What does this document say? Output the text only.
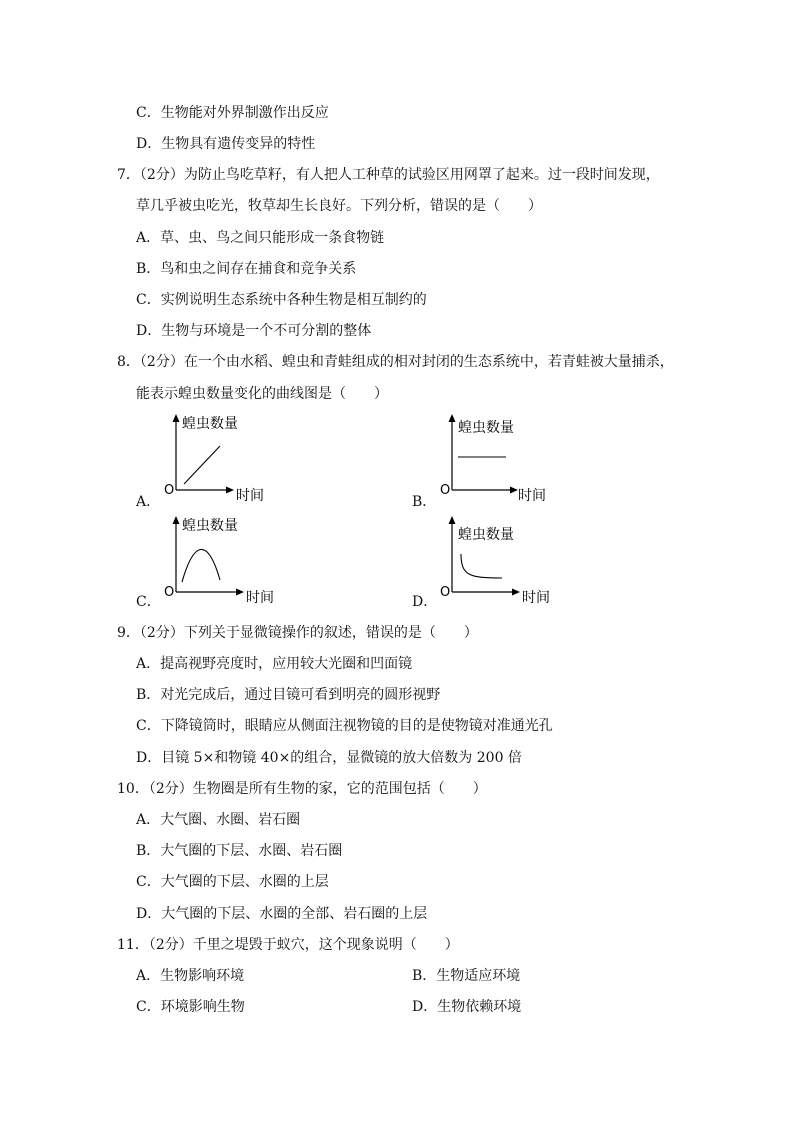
C．生物能对外界制激作出反应
D．生物具有遗传变异的特性
7．（2分）为防止鸟吃草籽，有人把人工种草的试验区用网罩了起来。过一段时间发现，
草几乎被虫吃光，牧草却生长良好。下列分析，错误的是（　　）
A．草、虫、鸟之间只能形成一条食物链
B．鸟和虫之间存在捕食和竞争关系
C．实例说明生态系统中各种生物是相互制约的
D．生物与环境是一个不可分割的整体
8．（2分）在一个由水稻、蝗虫和青蛙组成的相对封闭的生态系统中，若青蛙被大量捕杀，
能表示蝗虫数量变化的曲线图是（　　）
A．
蝗虫数量
O	时间	B．
蝗虫数量
O	时间
C．
蝗虫数量
O	时间	D．
蝗虫数量
O	时间
9．（2分）下列关于显微镜操作的叙述，错误的是（　　）
A．提高视野亮度时，应用较大光圈和凹面镜
B．对光完成后，通过目镜可看到明亮的圆形视野
C．下降镜筒时，眼睛应从侧面注视物镜的目的是使物镜对准通光孔
D．目镜 5×和物镜 40×的组合，显微镜的放大倍数为 200 倍
10．（2分）生物圈是所有生物的家，它的范围包括（　　）
A．大气圈、水圈、岩石圈
B．大气圈的下层、水圈、岩石圈
C．大气圈的下层、水圈的上层
D．大气圈的下层、水圈的全部、岩石圈的上层
11．（2分）千里之堤毁于蚁穴，这个现象说明（　　）
A．生物影响环境	B．生物适应环境
C．环境影响生物	D．生物依赖环境
